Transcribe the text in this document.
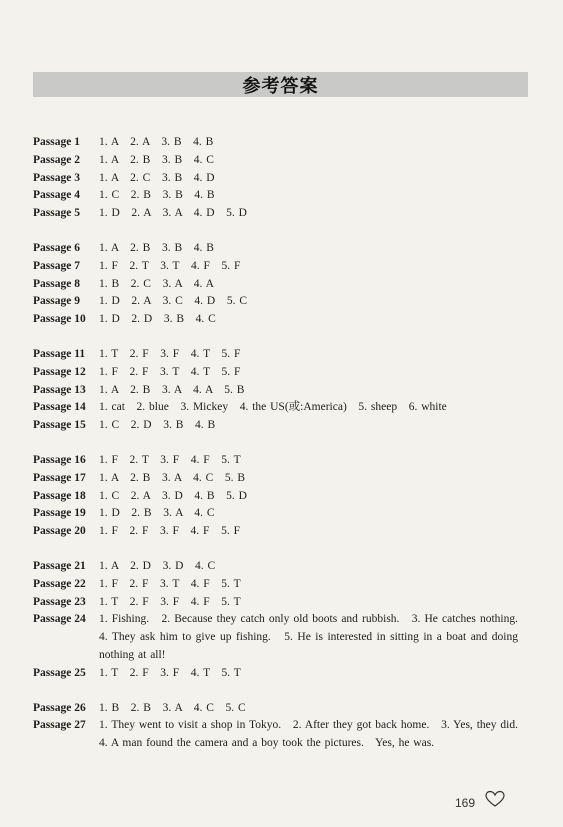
参考答案
Passage 1	1. A   2. A   3. B   4. B
Passage 2	1. A   2. B   3. B   4. C
Passage 3	1. A   2. C   3. B   4. D
Passage 4	1. C   2. B   3. B   4. B
Passage 5	1. D   2. A   3. A   4. D   5. D
Passage 6	1. A   2. B   3. B   4. B
Passage 7	1. F   2. T   3. T   4. F   5. F
Passage 8	1. B   2. C   3. A   4. A
Passage 9	1. D   2. A   3. C   4. D   5. C
Passage 10	1. D   2. D   3. B   4. C
Passage 11	1. T   2. F   3. F   4. T   5. F
Passage 12	1. F   2. F   3. T   4. T   5. F
Passage 13	1. A   2. B   3. A   4. A   5. B
Passage 14	1. cat   2. blue   3. Mickey   4. the US(或:America)   5. sheep   6. white
Passage 15	1. C   2. D   3. B   4. B
Passage 16	1. F   2. T   3. F   4. F   5. T
Passage 17	1. A   2. B   3. A   4. C   5. B
Passage 18	1. C   2. A   3. D   4. B   5. D
Passage 19	1. D   2. B   3. A   4. C
Passage 20	1. F   2. F   3. F   4. F   5. F
Passage 21	1. A   2. D   3. D   4. C
Passage 22	1. F   2. F   3. T   4. F   5. T
Passage 23	1. T   2. F   3. F   4. F   5. T
Passage 24	1. Fishing.   2. Because they catch only old boots and rubbish.   3. He catches nothing.   4. They ask him to give up fishing.   5. He is interested in sitting in a boat and doing nothing at all!
Passage 25	1. T   2. F   3. F   4. T   5. T
Passage 26	1. B   2. B   3. A   4. C   5. C
Passage 27	1. They went to visit a shop in Tokyo.   2. After they got back home.   3. Yes, they did.   4. A man found the camera and a boy took the pictures.   Yes, he was.
169
